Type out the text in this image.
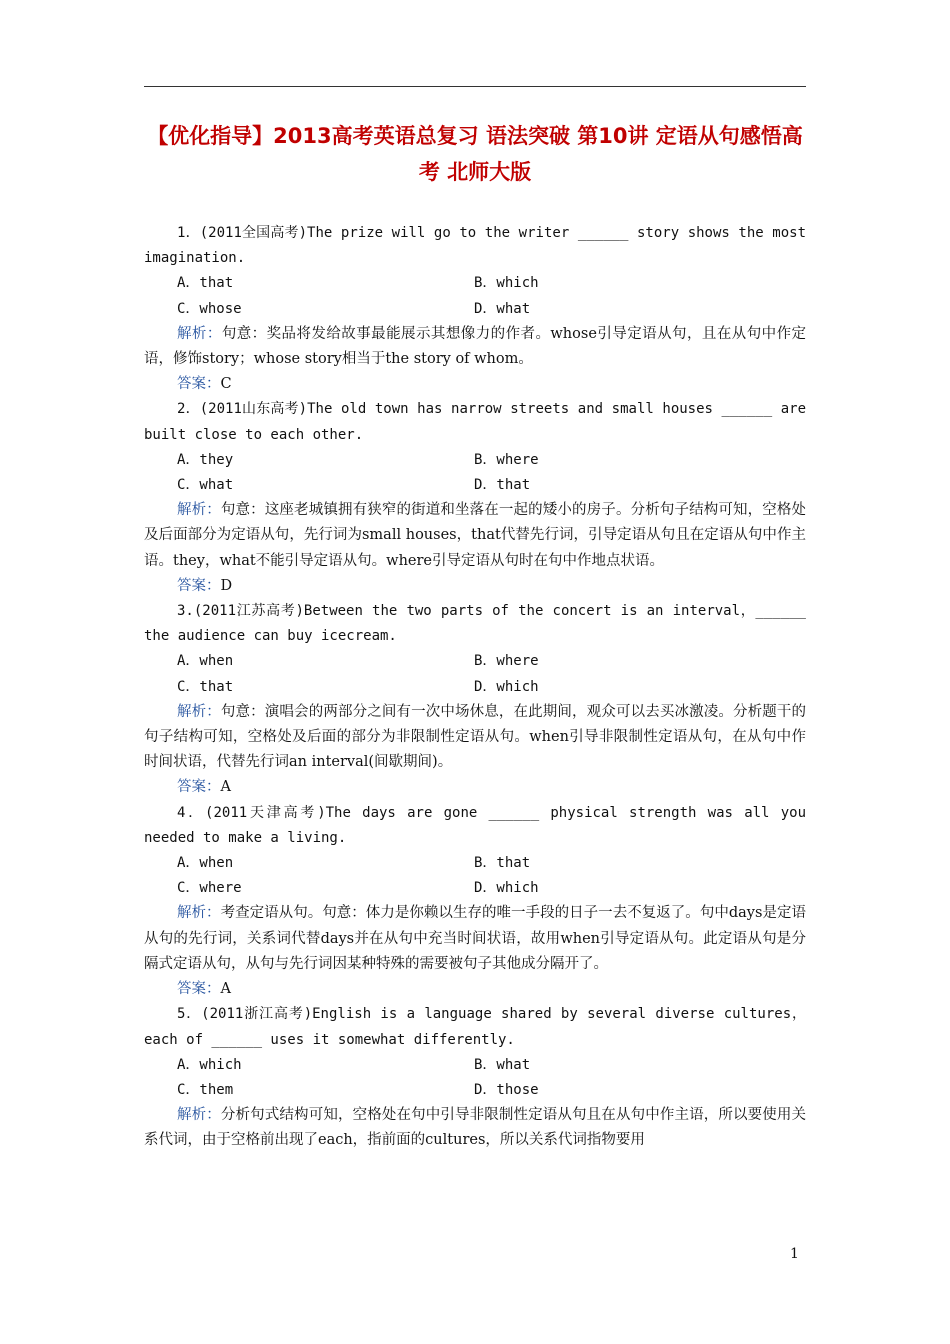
【优化指导】2013高考英语总复习 语法突破 第10讲 定语从句感悟高考 北师大版

1．(2011全国高考)The prize will go to the writer ______ story shows the most imagination.

A．that	B．which
C．whose	D．what

解析：句意：奖品将发给故事最能展示其想像力的作者。whose引导定语从句，且在从句中作定语，修饰story；whose story相当于the story of whom。

答案：C

2．(2011山东高考)The old town has narrow streets and small houses ______ are built close to each other.

A．they	B．where
C．what	D．that

解析：句意：这座老城镇拥有狭窄的街道和坐落在一起的矮小的房子。分析句子结构可知，空格处及后面部分为定语从句，先行词为small houses，that代替先行词，引导定语从句且在定语从句中作主语。they，what不能引导定语从句。where引导定语从句时在句中作地点状语。

答案：D

3.(2011江苏高考)Between the two parts of the concert is an interval，______ the audience can buy icecream.

A．when	B．where
C．that	D．which

解析：句意：演唱会的两部分之间有一次中场休息，在此期间，观众可以去买冰激凌。分析题干的句子结构可知，空格处及后面的部分为非限制性定语从句。when引导非限制性定语从句，在从句中作时间状语，代替先行词an interval(间歇期间)。

答案：A

4．(2011天津高考)The days are gone ______ physical strength was all you needed to make a living.

A．when	B．that
C．where	D．which

解析：考查定语从句。句意：体力是你赖以生存的唯一手段的日子一去不复返了。句中days是定语从句的先行词，关系词代替days并在从句中充当时间状语，故用when引导定语从句。此定语从句是分隔式定语从句，从句与先行词因某种特殊的需要被句子其他成分隔开了。

答案：A

5．(2011浙江高考)English is a language shared by several diverse cultures，each of ______ uses it somewhat differently.

A．which	B．what
C．them	D．those

解析：分析句式结构可知，空格处在句中引导非限制性定语从句且在从句中作主语，所以要使用关系代词，由于空格前出现了each，指前面的cultures，所以关系代词指物要用

1
